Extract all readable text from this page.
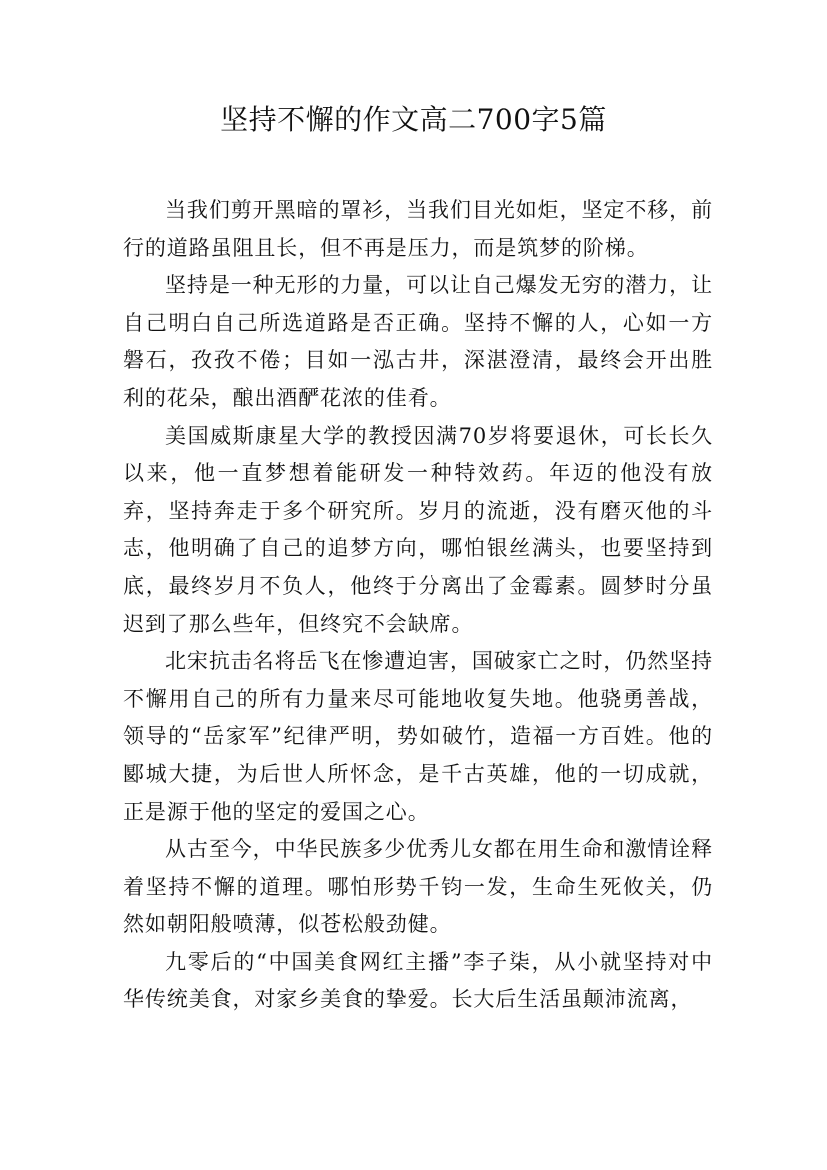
坚持不懈的作文高二700字5篇

当我们剪开黑暗的罩衫，当我们目光如炬，坚定不移，前行的道路虽阻且长，但不再是压力，而是筑梦的阶梯。

坚持是一种无形的力量，可以让自己爆发无穷的潜力，让自己明白自己所选道路是否正确。坚持不懈的人，心如一方磐石，孜孜不倦；目如一泓古井，深湛澄清，最终会开出胜利的花朵，酿出酒酽花浓的佳肴。

美国威斯康星大学的教授因满70岁将要退休，可长长久以来，他一直梦想着能研发一种特效药。年迈的他没有放弃，坚持奔走于多个研究所。岁月的流逝，没有磨灭他的斗志，他明确了自己的追梦方向，哪怕银丝满头，也要坚持到底，最终岁月不负人，他终于分离出了金霉素。圆梦时分虽迟到了那么些年，但终究不会缺席。

北宋抗击名将岳飞在惨遭迫害，国破家亡之时，仍然坚持不懈用自己的所有力量来尽可能地收复失地。他骁勇善战，领导的“岳家军”纪律严明，势如破竹，造福一方百姓。他的郾城大捷，为后世人所怀念，是千古英雄，他的一切成就，正是源于他的坚定的爱国之心。

从古至今，中华民族多少优秀儿女都在用生命和激情诠释着坚持不懈的道理。哪怕形势千钧一发，生命生死攸关，仍然如朝阳般喷薄，似苍松般劲健。

九零后的“中国美食网红主播”李子柒，从小就坚持对中华传统美食，对家乡美食的挚爱。长大后生活虽颠沛流离，
